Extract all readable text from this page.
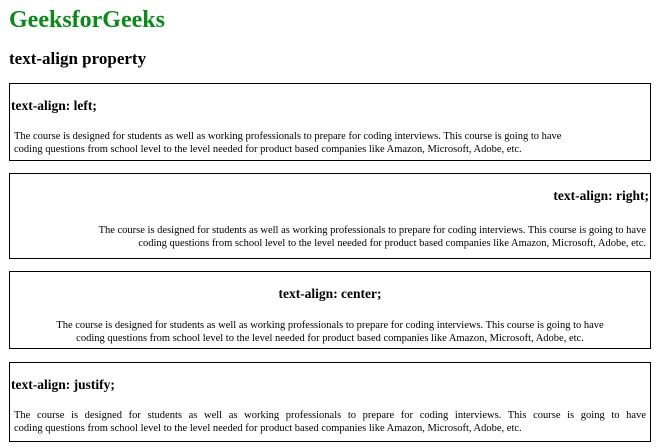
GeeksforGeeks
text-align property
text-align: left;

The course is designed for students as well as working professionals to prepare for coding interviews. This course is going to have
coding questions from school level to the level needed for product based companies like Amazon, Microsoft, Adobe, etc.

text-align: right;

The course is designed for students as well as working professionals to prepare for coding interviews. This course is going to have
coding questions from school level to the level needed for product based companies like Amazon, Microsoft, Adobe, etc.

text-align: center;

The course is designed for students as well as working professionals to prepare for coding interviews. This course is going to have
coding questions from school level to the level needed for product based companies like Amazon, Microsoft, Adobe, etc.

text-align: justify;

The course is designed for students as well as working professionals to prepare for coding interviews. This course is going to have
coding questions from school level to the level needed for product based companies like Amazon, Microsoft, Adobe, etc.
